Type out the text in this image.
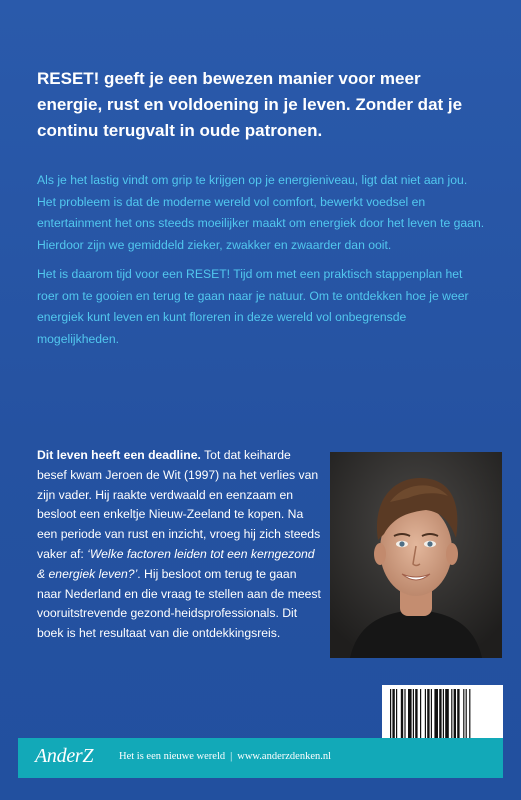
RESET! geeft je een bewezen manier voor meer energie, rust en voldoening in je leven. Zonder dat je continu terugvalt in oude patronen.

Als je het lastig vindt om grip te krijgen op je energieniveau, ligt dat niet aan jou. Het probleem is dat de moderne wereld vol comfort, bewerkt voedsel en entertainment het ons steeds moeilijker maakt om energiek door het leven te gaan. Hierdoor zijn we gemiddeld zieker, zwakker en zwaarder dan ooit.

Het is daarom tijd voor een RESET! Tijd om met een praktisch stappenplan het roer om te gooien en terug te gaan naar je natuur. Om te ontdekken hoe je weer energiek kunt leven en kunt floreren in deze wereld vol onbegrensde mogelijkheden.

Dit leven heeft een deadline. Tot dat keiharde besef kwam Jeroen de Wit (1997) na het verlies van zijn vader. Hij raakte verdwaald en eenzaam en besloot een enkeltje Nieuw-Zeeland te kopen. Na een periode van rust en inzicht, vroeg hij zich steeds vaker af: ‘Welke factoren leiden tot een kerngezond & energiek leven?’. Hij besloot om terug te gaan naar Nederland en die vraag te stellen aan de meest vooruitstrevende gezond-heidsprofessionals. Dit boek is het resultaat van die ontdekkingsreis.

AnderZ Het is een nieuwe wereld | www.anderzdenken.nl
